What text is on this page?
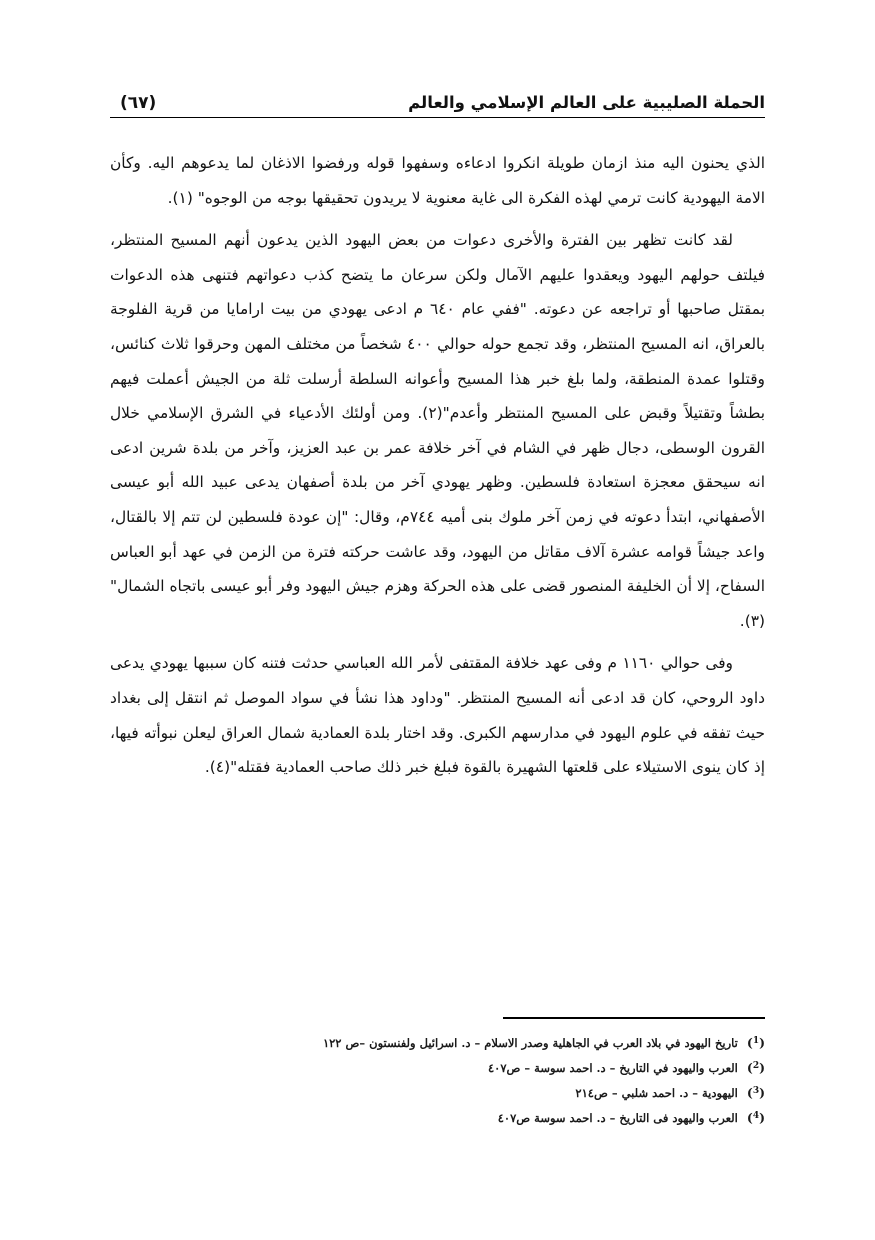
الحملة الصليبية على العالم الإسلامي والعالم
(٦٧)

الذي يحنون اليه منذ ازمان طويلة انكروا ادعاءه وسفهوا قوله ورفضوا الاذغان لما يدعوهم اليه. وكأن الامة اليهودية كانت ترمي لهذه الفكرة الى غاية معنوية لا يريدون تحقيقها بوجه من الوجوه" (١).

لقد كانت تظهر بين الفترة والأخرى دعوات من بعض اليهود الذين يدعون أنهم المسيح المنتظر، فيلتف حولهم اليهود ويعقدوا عليهم الآمال ولكن سرعان ما يتضح كذب دعواتهم فتنهى هذه الدعوات بمقتل صاحبها أو تراجعه عن دعوته. "ففي عام ٦٤٠ م ادعى يهودي من بيت ارامايا من قرية الفلوجة بالعراق، انه المسيح المنتظر، وقد تجمع حوله حوالي ٤٠٠ شخصاً من مختلف المهن وحرقوا ثلاث كنائس، وقتلوا عمدة المنطقة، ولما بلغ خبر هذا المسيح وأعوانه السلطة أرسلت ثلة من الجيش أعملت فيهم بطشاً وتقتيلاً وقبض على المسيح المنتظر وأعدم"(٢). ومن أولئك الأدعياء في الشرق الإسلامي خلال القرون الوسطى، دجال ظهر في الشام في آخر خلافة عمر بن عبد العزيز، وآخر من بلدة شرين ادعى انه سيحقق معجزة استعادة فلسطين. وظهر يهودي آخر من بلدة أصفهان يدعى عبيد الله أبو عيسى الأصفهاني، ابتدأ دعوته في زمن آخر ملوك بنى أميه ٧٤٤م، وقال: "إن عودة فلسطين لن تتم إلا بالقتال، واعد جيشاً قوامه عشرة آلاف مقاتل من اليهود، وقد عاشت حركته فترة من الزمن في عهد أبو العباس السفاح، إلا أن الخليفة المنصور قضى على هذه الحركة وهزم جيش اليهود وفر أبو عيسى باتجاه الشمال"(٣).

وفى حوالي ١١٦٠ م وفى عهد خلافة المقتفى لأمر الله العباسي حدثت فتنه كان سببها يهودي يدعى داود الروحي، كان قد ادعى أنه المسيح المنتظر. "وداود هذا نشأ في سواد الموصل ثم انتقل إلى بغداد حيث تفقه في علوم اليهود في مدارسهم الكبرى. وقد اختار بلدة العمادية شمال العراق ليعلن نبوأته فيها، إذ كان ينوى الاستيلاء على قلعتها الشهيرة بالقوة فبلغ خبر ذلك صاحب العمادية فقتله"(٤).

($^1$) تاريخ اليهود في بلاد العرب في الجاهلية وصدر الاسلام – د. اسرائيل ولفنستون –ص ١٢٢
($^2$) العرب واليهود في التاريخ – د. احمد سوسة – ص٤٠٧
($^3$) اليهودية – د. احمد شلبي – ص٢١٤
($^4$) العرب واليهود فى التاريخ – د. احمد سوسة ص٤٠٧
